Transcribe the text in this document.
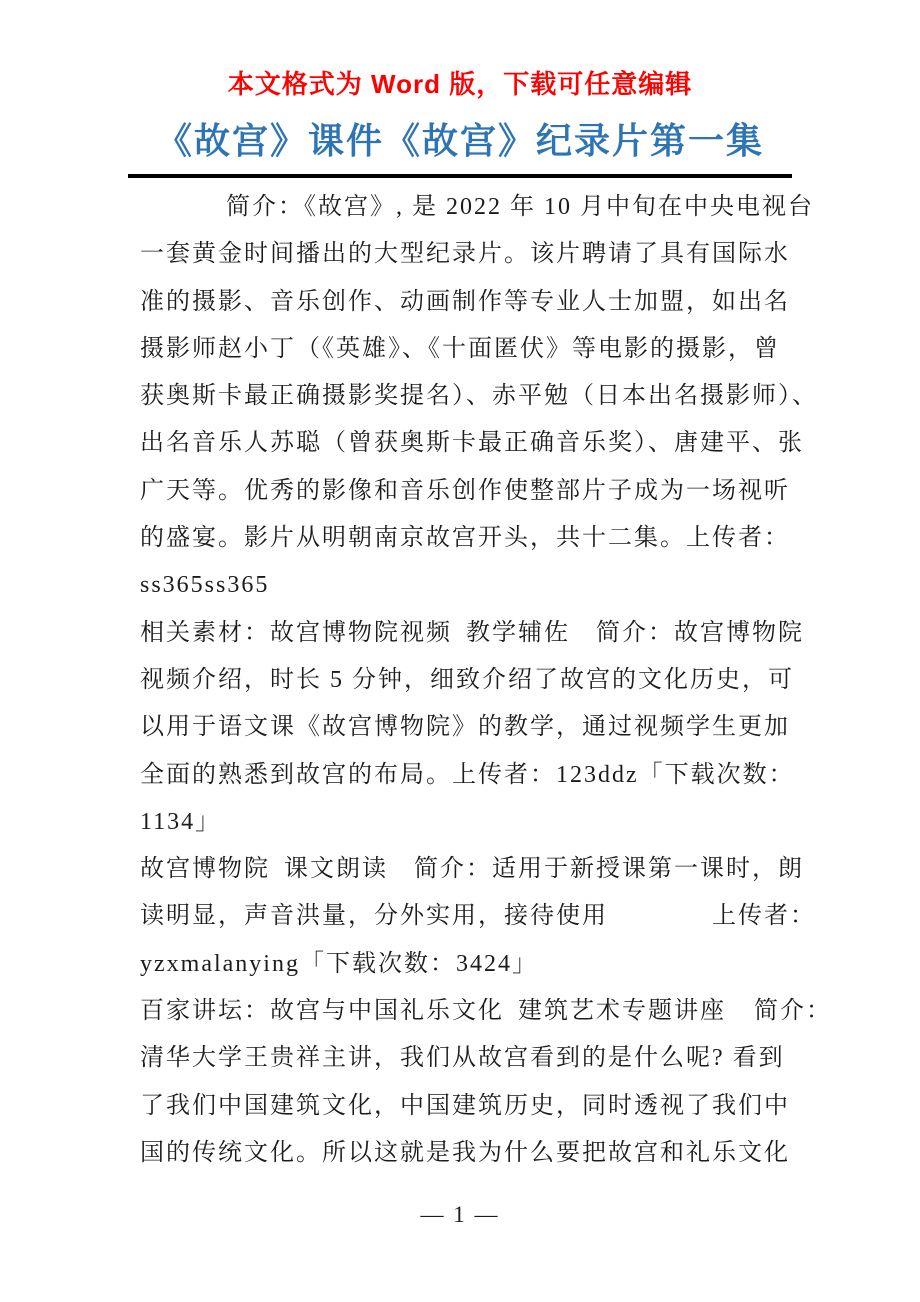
本文格式为 Word 版，下载可任意编辑
《故宫》课件《故宫》纪录片第一集
简介：《故宫》, 是 2022 年 10 月中旬在中央电视台
一套黄金时间播出的大型纪录片。该片聘请了具有国际水
准的摄影、音乐创作、动画制作等专业人士加盟，如出名
摄影师赵小丁（《英雄》、《十面匿伏》等电影的摄影，曾
获奥斯卡最正确摄影奖提名）、赤平勉（日本出名摄影师）、
出名音乐人苏聪（曾获奥斯卡最正确音乐奖）、唐建平、张
广天等。优秀的影像和音乐创作使整部片子成为一场视听
的盛宴。影片从明朝南京故宫开头，共十二集。上传者：
ss365ss365
相关素材：故宫博物院视频 教学辅佐 简介：故宫博物院
视频介绍，时长 5 分钟，细致介绍了故宫的文化历史，可
以用于语文课《故宫博物院》的教学，通过视频学生更加
全面的熟悉到故宫的布局。上传者：123ddz「下载次数：
1134」
故宫博物院 课文朗读 简介：适用于新授课第一课时，朗
读明显，声音洪量，分外实用，接待使用　　　　上传者：
yzxmalanying「下载次数：3424」
百家讲坛：故宫与中国礼乐文化 建筑艺术专题讲座  简介：
清华大学王贵祥主讲，我们从故宫看到的是什么呢? 看到
了我们中国建筑文化，中国建筑历史，同时透视了我们中
国的传统文化。所以这就是我为什么要把故宫和礼乐文化
— 1 —
